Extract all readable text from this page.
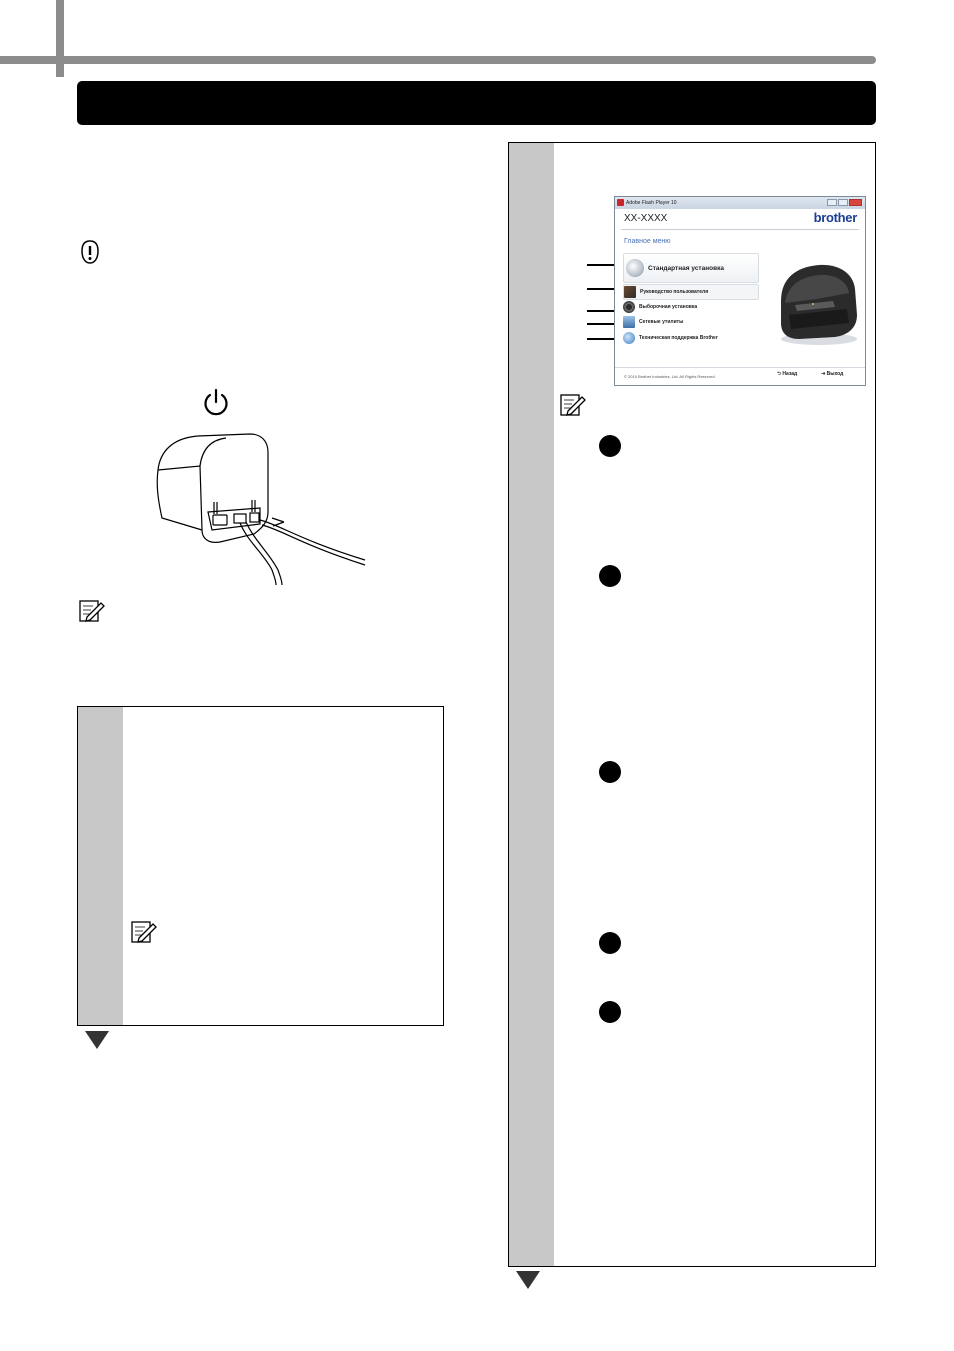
Adobe Flash Player 10
XX-XXXX	brother
Главное меню
Стандартная установка
Руководство пользователя
Выборочная установка
Сетевые утилиты
Техническая поддержка Brother
© 2010 Brother Industries, Ltd. All Rights Reserved.	⮌ Назад	⇥ Выход
